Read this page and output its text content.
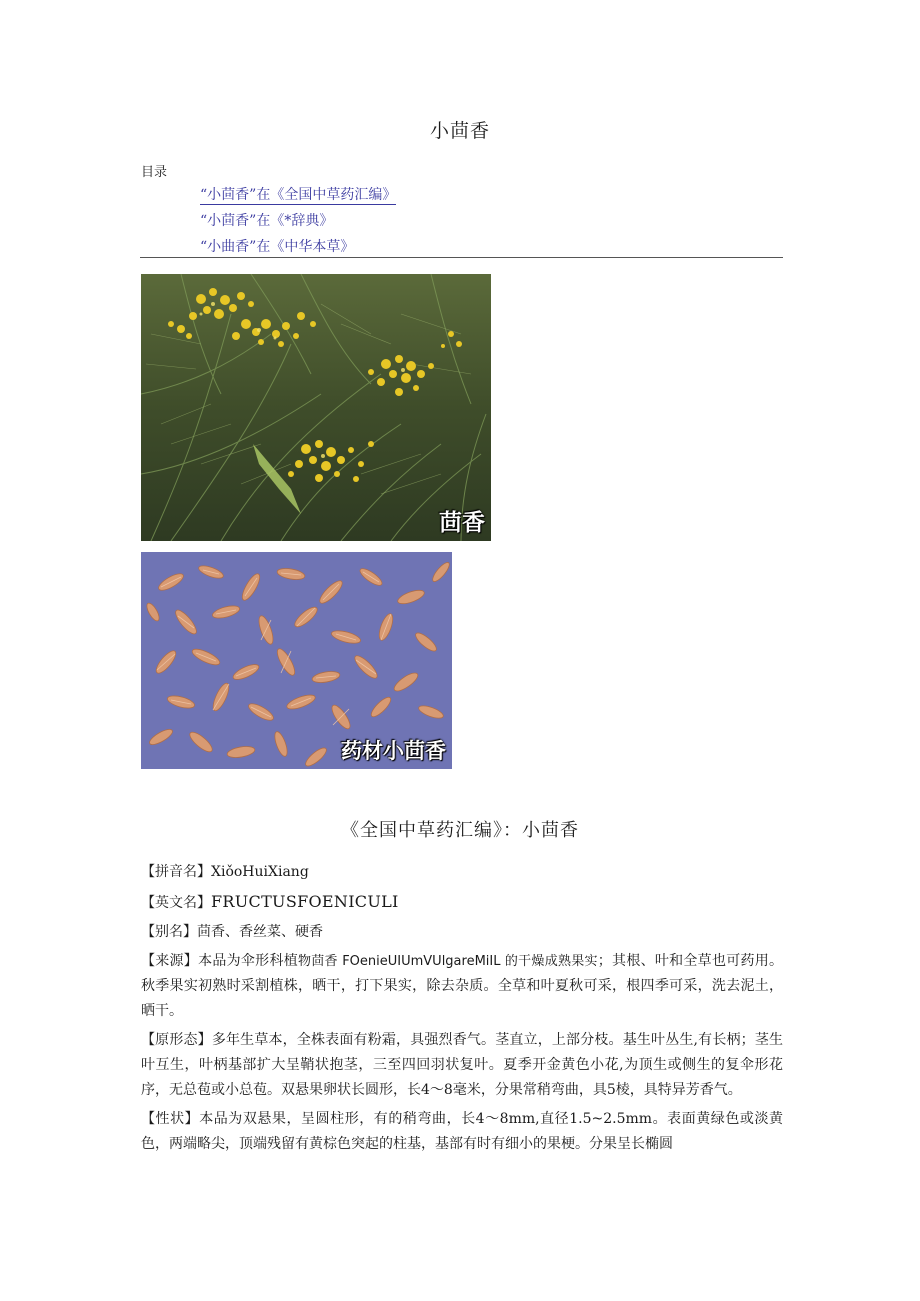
小茴香
目录
“小茴香”在《全国中草药汇编》
“小茴香”在《*辞典》
“小曲香”在《中华本草》
茴香
药材小茴香
《全国中草药汇编》：小茴香

【拼音名】XiǒoHuiXiang

【英文名】FRUCTUSFOENICULI

【别名】茴香、香丝菜、硬香

【来源】本品为伞形科植物茴香 FOenieUIUmVUlgareMiIL 的干燥成熟果实；其根、叶和全草也可药用。秋季果实初熟时采割植株，晒干，打下果实，除去杂质。全草和叶夏秋可采，根四季可采，洗去泥土，晒干。

【原形态】多年生草本，全株表面有粉霜，具强烈香气。茎直立，上部分枝。基生叶丛生,有长柄；茎生叶互生，叶柄基部扩大呈鞘状抱茎，三至四回羽状复叶。夏季开金黄色小花,为顶生或侧生的复伞形花序，无总苞或小总苞。双悬果卵状长圆形，长4～8毫米，分果常稍弯曲，具5棱，具特异芳香气。

【性状】本品为双悬果，呈圆柱形，有的稍弯曲，长4～8mm,直径1.5~2.5mm。表面黄绿色或淡黄色，两端略尖，顶端残留有黄棕色突起的柱基，基部有时有细小的果梗。分果呈长椭圆
